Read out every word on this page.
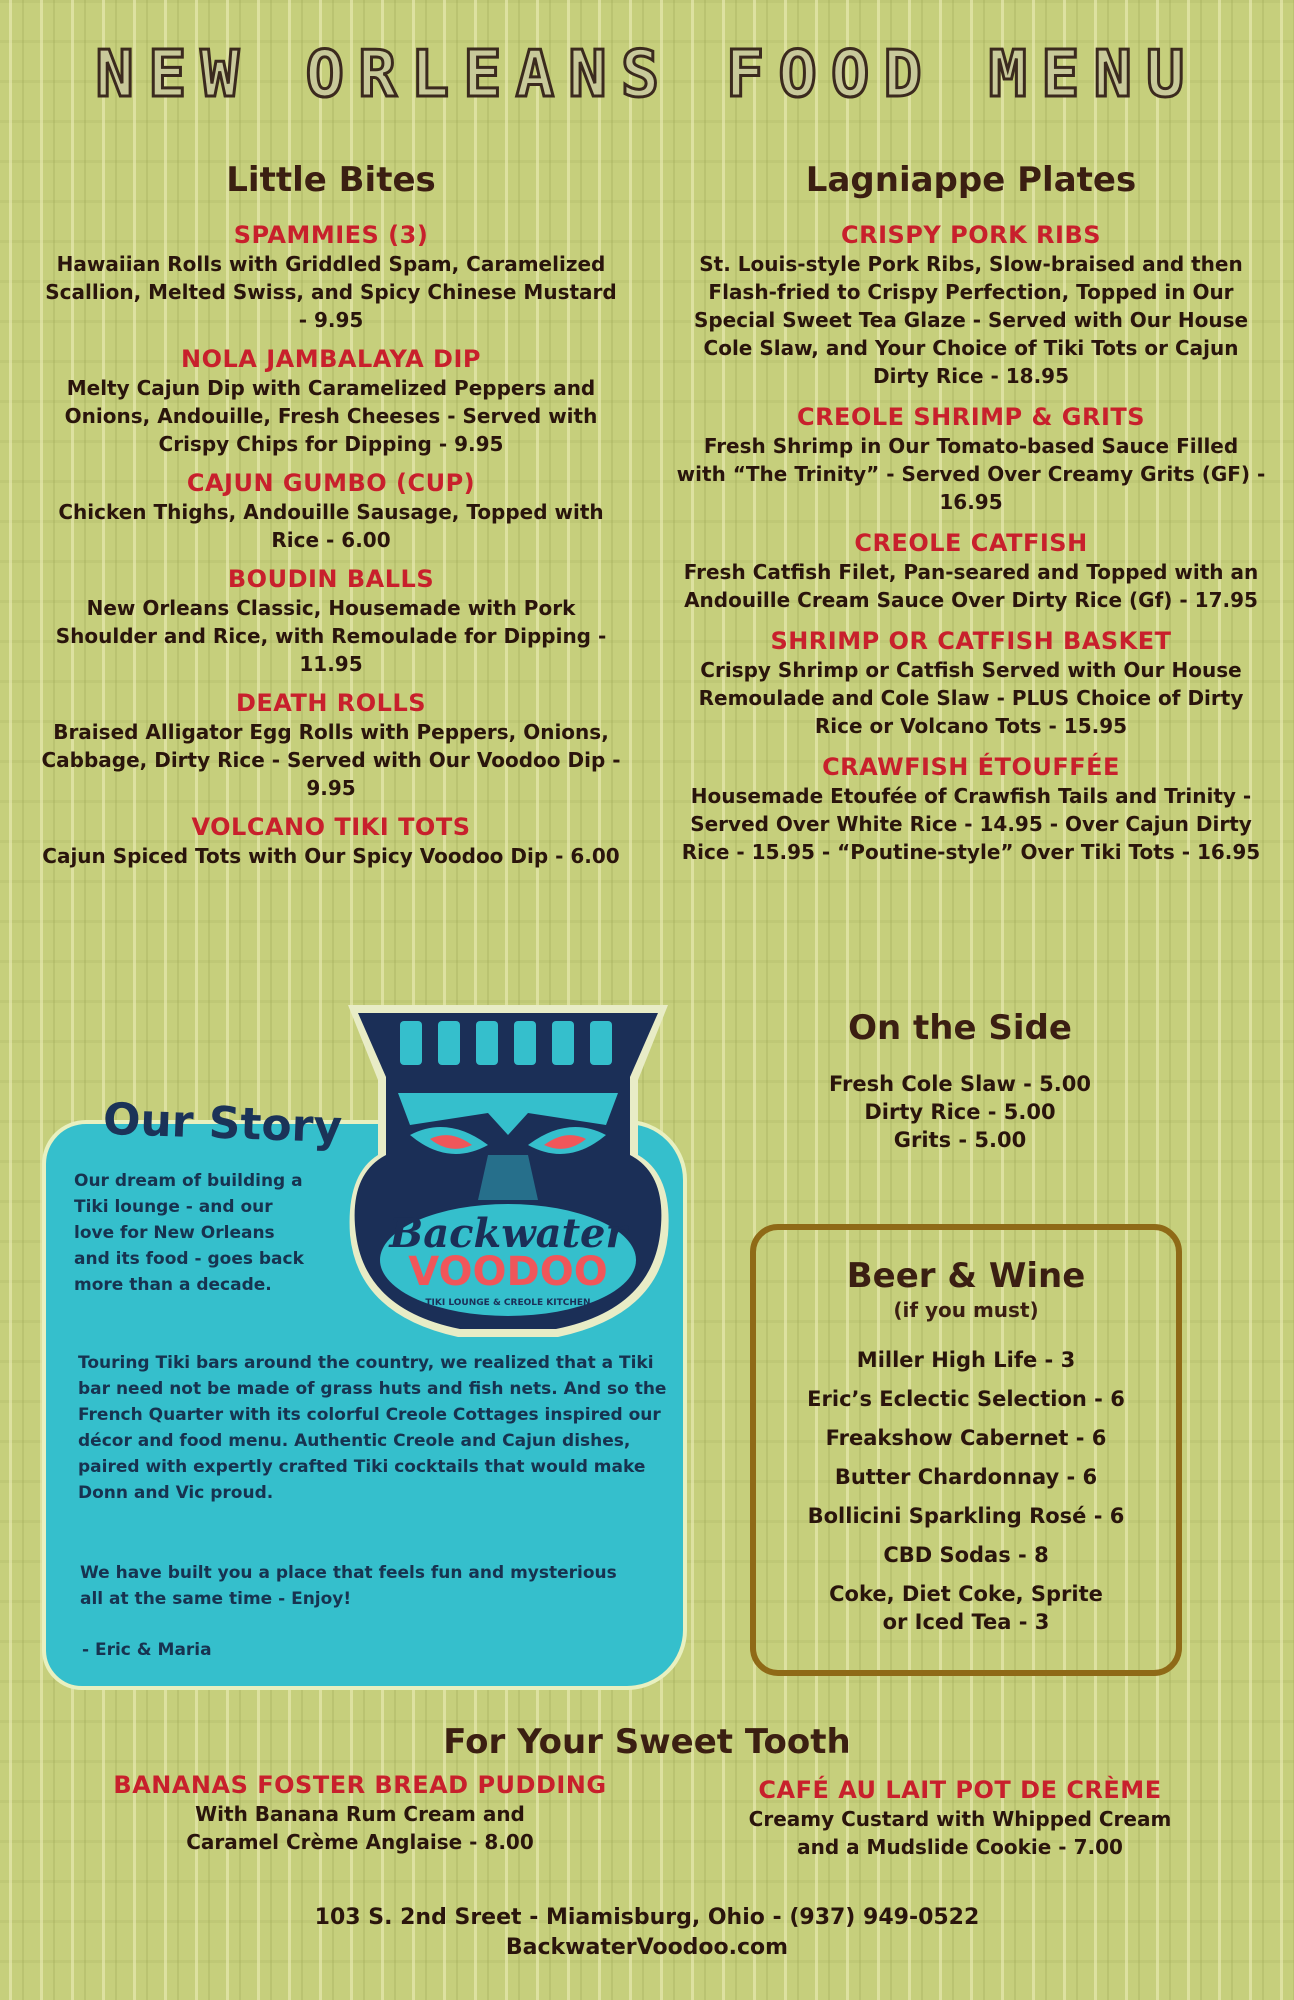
NEW ORLEANS FOOD MENU
Little Bites
SPAMMIES (3)
Hawaiian Rolls with Griddled Spam, Caramelized Scallion, Melted Swiss, and Spicy Chinese Mustard - 9.95
NOLA JAMBALAYA DIP
Melty Cajun Dip with Caramelized Peppers and Onions, Andouille, Fresh Cheeses - Served with Crispy Chips for Dipping - 9.95
CAJUN GUMBO (CUP)
Chicken Thighs, Andouille Sausage, Topped with Rice - 6.00
BOUDIN BALLS
New Orleans Classic, Housemade with Pork Shoulder and Rice, with Remoulade for Dipping - 11.95
DEATH ROLLS
Braised Alligator Egg Rolls with Peppers, Onions, Cabbage, Dirty Rice - Served with Our Voodoo Dip - 9.95
VOLCANO TIKI TOTS
Cajun Spiced Tots with Our Spicy Voodoo Dip - 6.00
Lagniappe Plates
CRISPY PORK RIBS
St. Louis-style Pork Ribs, Slow-braised and then Flash-fried to Crispy Perfection, Topped in Our Special Sweet Tea Glaze - Served with Our House Cole Slaw, and Your Choice of Tiki Tots or Cajun Dirty Rice - 18.95
CREOLE SHRIMP & GRITS
Fresh Shrimp in Our Tomato-based Sauce Filled with “The Trinity” - Served Over Creamy Grits (GF) - 16.95
CREOLE CATFISH
Fresh Catfish Filet, Pan-seared and Topped with an Andouille Cream Sauce Over Dirty Rice (Gf) - 17.95
SHRIMP OR CATFISH BASKET
Crispy Shrimp or Catfish Served with Our House Remoulade and Cole Slaw - PLUS Choice of Dirty Rice or Volcano Tots - 15.95
CRAWFISH ÉTOUFFÉE
Housemade Etoufée of Crawfish Tails and Trinity - Served Over White Rice - 14.95 - Over Cajun Dirty Rice - 15.95 - “Poutine-style” Over Tiki Tots - 16.95
On the Side
Fresh Cole Slaw - 5.00
Dirty Rice - 5.00
Grits - 5.00
Beer & Wine
(if you must)
Miller High Life - 3
Eric’s Eclectic Selection - 6
Freakshow Cabernet - 6
Butter Chardonnay - 6
Bollicini Sparkling Rosé - 6
CBD Sodas - 8
Coke, Diet Coke, Sprite or Iced Tea - 3
Our Story
Our dream of building a Tiki lounge - and our love for New Orleans and its food - goes back more than a decade.
Touring Tiki bars around the country, we realized that a Tiki bar need not be made of grass huts and fish nets. And so the French Quarter with its colorful Creole Cottages inspired our décor and food menu. Authentic Creole and Cajun dishes, paired with expertly crafted Tiki cocktails that would make Donn and Vic proud.
We have built you a place that feels fun and mysterious all at the same time - Enjoy!
- Eric & Maria
Backwater
VOODOO
TIKI LOUNGE & CREOLE KITCHEN
For Your Sweet Tooth
BANANAS FOSTER BREAD PUDDING
With Banana Rum Cream and Caramel Crème Anglaise - 8.00
CAFÉ AU LAIT POT DE CRÈME
Creamy Custard with Whipped Cream and a Mudslide Cookie - 7.00
103 S. 2nd Sreet - Miamisburg, Ohio - (937) 949-0522
BackwaterVoodoo.com
